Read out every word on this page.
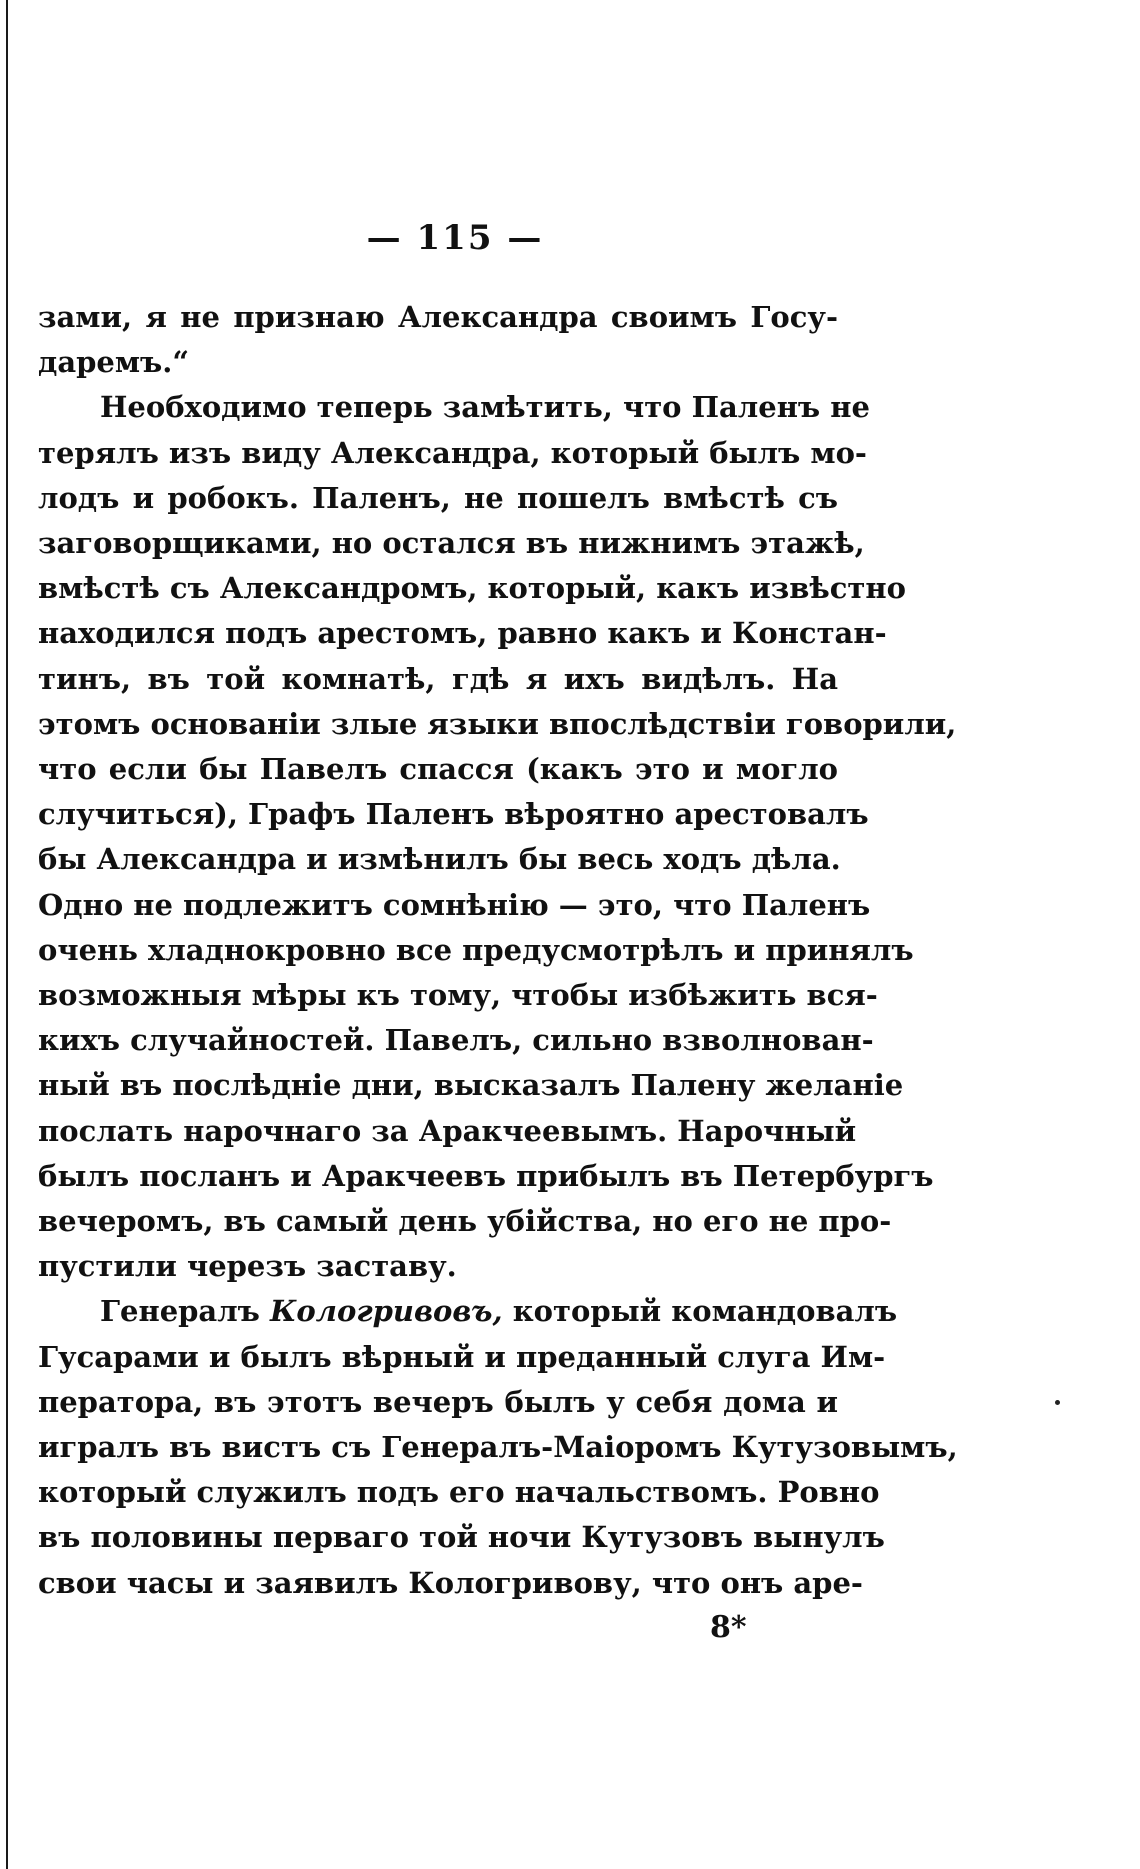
— 115 —
зами, я не признаю Александра своимъ Госу-
даремъ.“
Необходимо теперь замѣтить, что Паленъ не
терялъ изъ виду Александра, который былъ мо-
лодъ и робокъ. Паленъ, не пошелъ вмѣстѣ съ
заговорщиками, но остался въ нижнимъ этажѣ,
вмѣстѣ съ Александромъ, который, какъ извѣстно
находился подъ арестомъ, равно какъ и Констан-
тинъ, въ той комнатѣ, гдѣ я ихъ видѣлъ. На
этомъ основаніи злые языки впослѣдствіи говорили,
что если бы Павелъ спасся (какъ это и могло
случиться), Графъ Паленъ вѣроятно арестовалъ
бы Александра и измѣнилъ бы весь ходъ дѣла.
Одно не подлежитъ сомнѣнію — это, что Паленъ
очень хладнокровно все предусмотрѣлъ и принялъ
возможныя мѣры къ тому, чтобы избѣжить вся-
кихъ случайностей. Павелъ, сильно взволнован-
ный въ послѣдніе дни, высказалъ Палену желаніе
послать нарочнаго за Аракчеевымъ. Нарочный
былъ посланъ и Аракчеевъ прибылъ въ Петербургъ
вечеромъ, въ самый день убійства, но его не про-
пустили черезъ заставу.
Генералъ Кологривовъ, который командовалъ
Гусарами и былъ вѣрный и преданный слуга Им-
ператора, въ этотъ вечеръ былъ у себя дома и
игралъ въ вистъ съ Генералъ-Маіоромъ Кутузовымъ,
который служилъ подъ его начальствомъ. Ровно
въ половины перваго той ночи Кутузовъ вынулъ
свои часы и заявилъ Кологривову, что онъ аре-
8*
